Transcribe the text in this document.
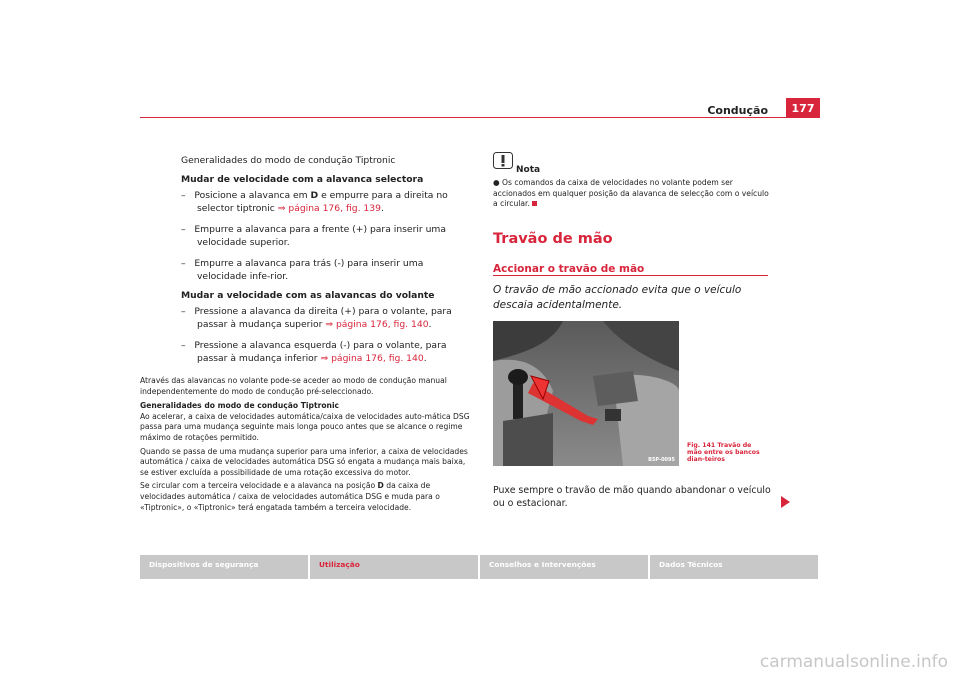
Condução	177

Generalidades do modo de condução Tiptronic

Mudar de velocidade com a alavanca selectora

–   Posicione a alavanca em D e empurre para a direita no selector tiptronic ⇒ página 176, fig. 139.

–   Empurre a alavanca para a frente (+) para inserir uma velocidade superior.

–   Empurre a alavanca para trás (-) para inserir uma velocidade infe-rior.

Mudar a velocidade com as alavancas do volante

–   Pressione a alavanca da direita (+) para o volante, para passar à mudança superior ⇒ página 176, fig. 140.

–   Pressione a alavanca esquerda (-) para o volante, para passar à mudança inferior ⇒ página 176, fig. 140.

Através das alavancas no volante pode-se aceder ao modo de condução manual independentemente do modo de condução pré-seleccionado.

Generalidades do modo de condução Tiptronic

Ao acelerar, a caixa de velocidades automática/caixa de velocidades auto-mática DSG passa para uma mudança seguinte mais longa pouco antes que se alcance o regime máximo de rotações permitido.

Quando se passa de uma mudança superior para uma inferior, a caixa de velocidades automática / caixa de velocidades automática DSG só engata a mudança mais baixa, se estiver excluída a possibilidade de uma rotação excessiva do motor.

Se circular com a terceira velocidade e a alavanca na posição D da caixa de velocidades automática / caixa de velocidades automática DSG e muda para o «Tiptronic», o «Tiptronic» terá engatada também a terceira velocidade.

Nota
● Os comandos da caixa de velocidades no volante podem ser accionados em qualquer posição da alavanca de selecção com o veículo a circular.
Travão de mão
Accionar o travão de mão
O travão de mão accionado evita que o veículo descaia acidentalmente.
B5P-0095
Fig. 141 Travão de mão entre os bancos dian-teiros
Puxe sempre o travão de mão quando abandonar o veículo ou o estacionar.
Dispositivos de segurança	Utilização	Conselhos e Intervenções	Dados Técnicos
carmanualsonline.info
